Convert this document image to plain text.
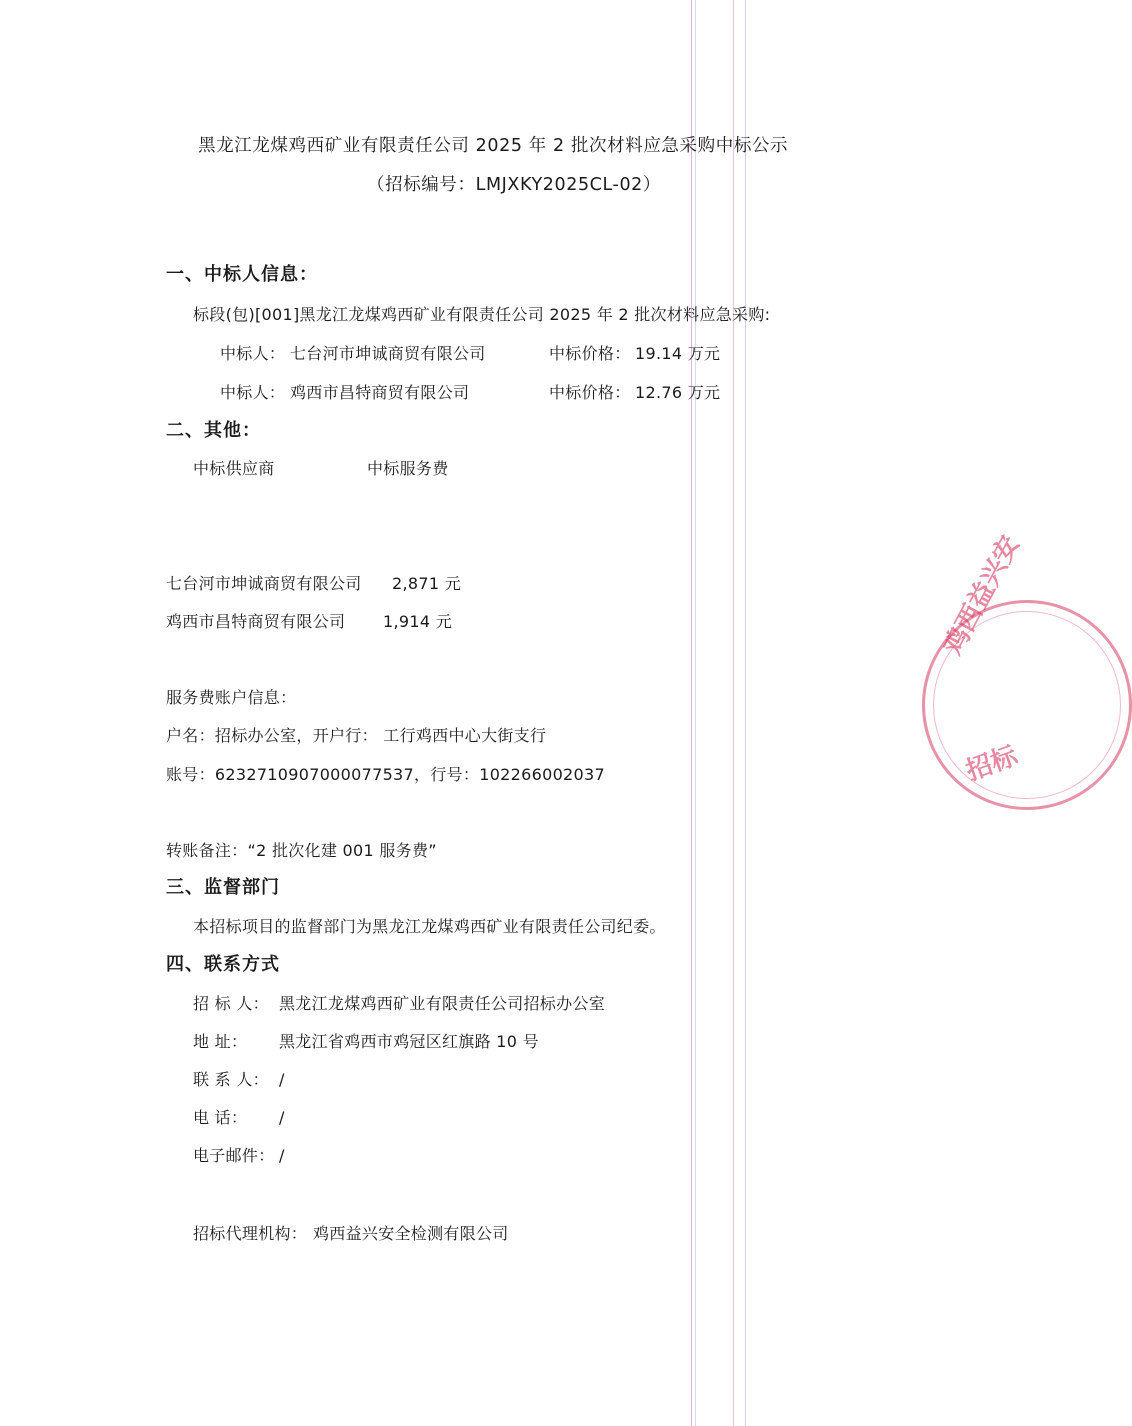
黑龙江龙煤鸡西矿业有限责任公司 2025 年 2 批次材料应急采购中标公示
（招标编号：LMJXKY2025CL-02）
一、中标人信息：
标段(包)[001]黑龙江龙煤鸡西矿业有限责任公司 2025 年 2 批次材料应急采购:
中标人： 七台河市坤诚商贸有限公司	中标价格： 19.14 万元
中标人： 鸡西市昌特商贸有限公司	中标价格： 12.76 万元
二、其他：
中标供应商	中标服务费
七台河市坤诚商贸有限公司 2,871 元
鸡西市昌特商贸有限公司 1,914 元
服务费账户信息：
户名：招标办公室，开户行： 工行鸡西中心大街支行
账号：6232710907000077537，行号：102266002037
转账备注：“2 批次化建 001 服务费”
三、监督部门
本招标项目的监督部门为黑龙江龙煤鸡西矿业有限责任公司纪委。
四、联系方式
招 标 人： 黑龙江龙煤鸡西矿业有限责任公司招标办公室
地 址： 黑龙江省鸡西市鸡冠区红旗路 10 号
联 系 人： /
电 话： /
电子邮件： /
招标代理机构： 鸡西益兴安全检测有限公司
鸡西益兴安
招标
